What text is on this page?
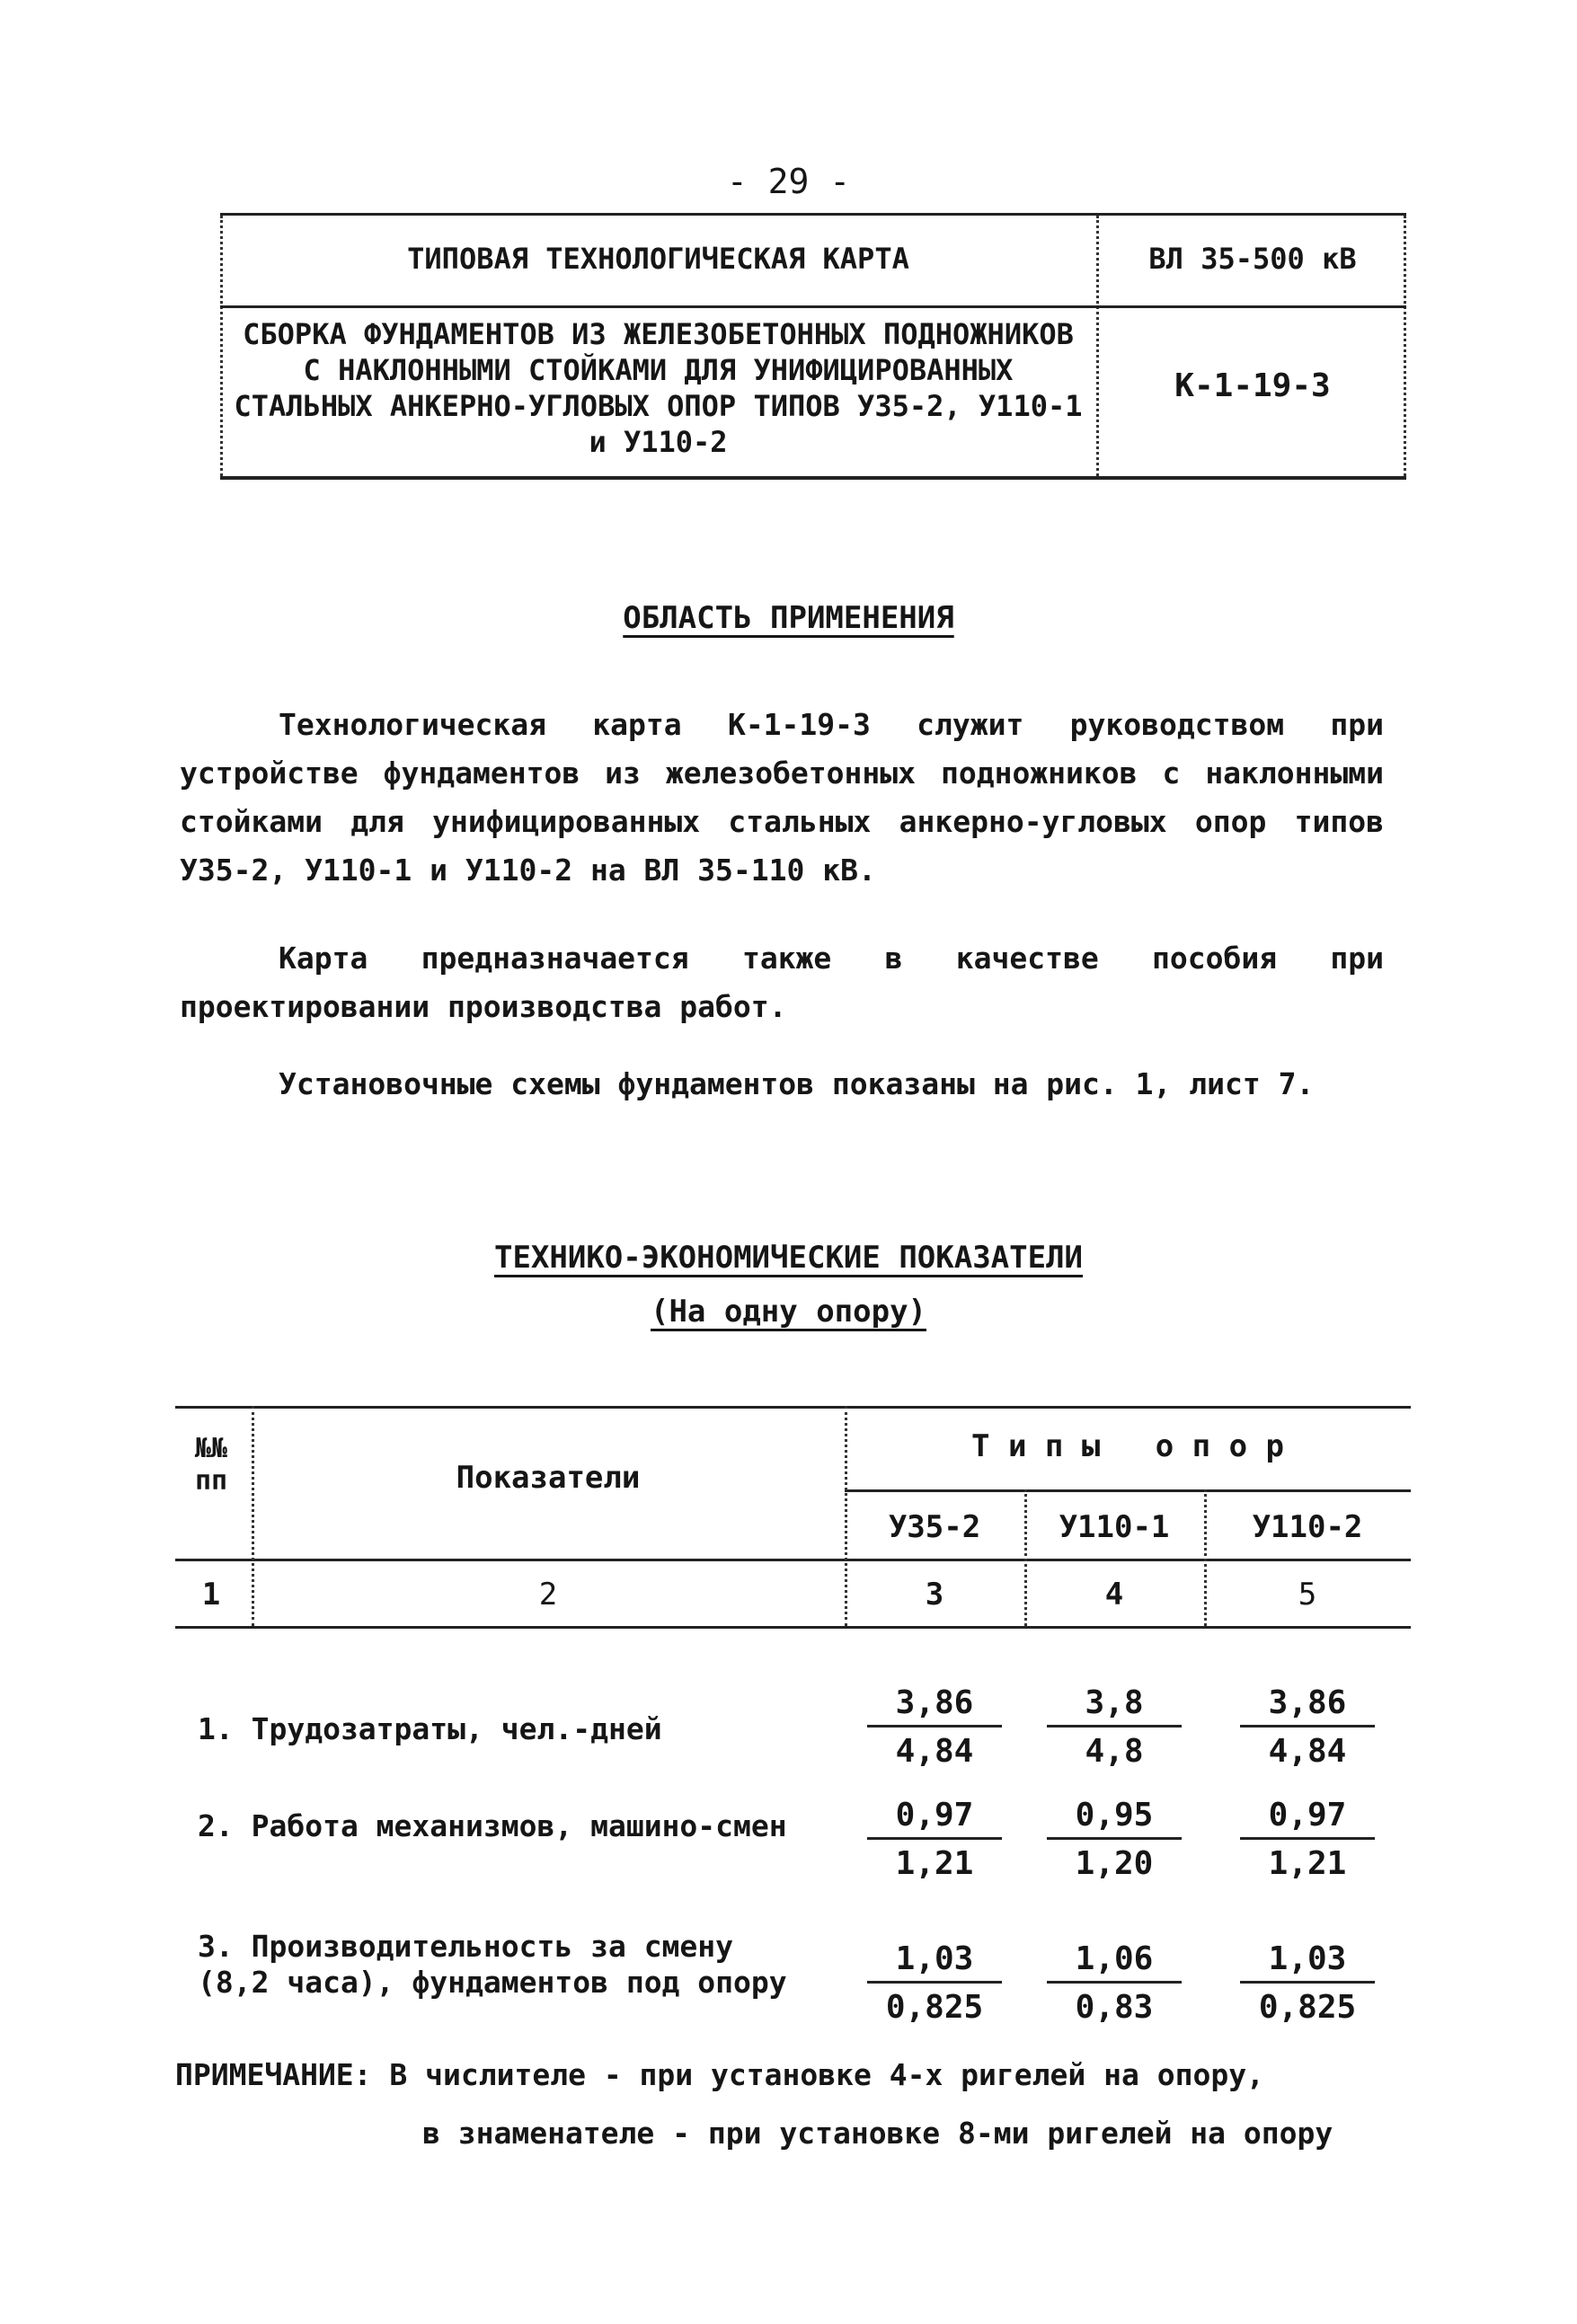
- 29 -
ТИПОВАЯ ТЕХНОЛОГИЧЕСКАЯ КАРТА	ВЛ 35-500 кВ
СБОРКА ФУНДАМЕНТОВ ИЗ ЖЕЛЕЗОБЕТОННЫХ ПОДНОЖНИКОВ С НАКЛОННЫМИ СТОЙКАМИ ДЛЯ УНИФИЦИРОВАННЫХ СТАЛЬНЫХ АНКЕРНО-УГЛОВЫХ ОПОР ТИПОВ У35-2, У110-1 и У110-2
К-1-19-3
ОБЛАСТЬ ПРИМЕНЕНИЯ
Технологическая карта К-1-19-3 служит руководством при устройстве фундаментов из железобетонных подножников с наклонными стойками для унифицированных стальных анкерно-угловых опор типов У35-2, У110-1 и У110-2 на ВЛ 35-110 кВ.
Карта предназначается также в качестве пособия при проектировании производства работ.
Установочные схемы фундаментов показаны на рис. 1, лист 7.
ТЕХНИКО-ЭКОНОМИЧЕСКИЕ ПОКАЗАТЕЛИ
(На одну опору)
№№ пп	Показатели
Т и п ы   о п о р
У35-2	У110-1	У110-2
1	2	3	4	5
1. Трудозатраты, чел.-дней	$\frac{3,86}{4,84} \frac{3,8}{4,8} \frac{3,86}{4,84}$
2. Работа механизмов, машино-смен $\frac{0,97}{1,21} \frac{0,95}{1,20} \frac{0,97}{1,21}$
3. Производительность за смену (8,2 часа), фундаментов под опору	$\frac{1,03}{0,825} \frac{1,06}{0,83} \frac{1,03}{0,825}$
ПРИМЕЧАНИЕ: В числителе - при установке 4-х ригелей на опору,
в знаменателе - при установке 8-ми ригелей на опору
